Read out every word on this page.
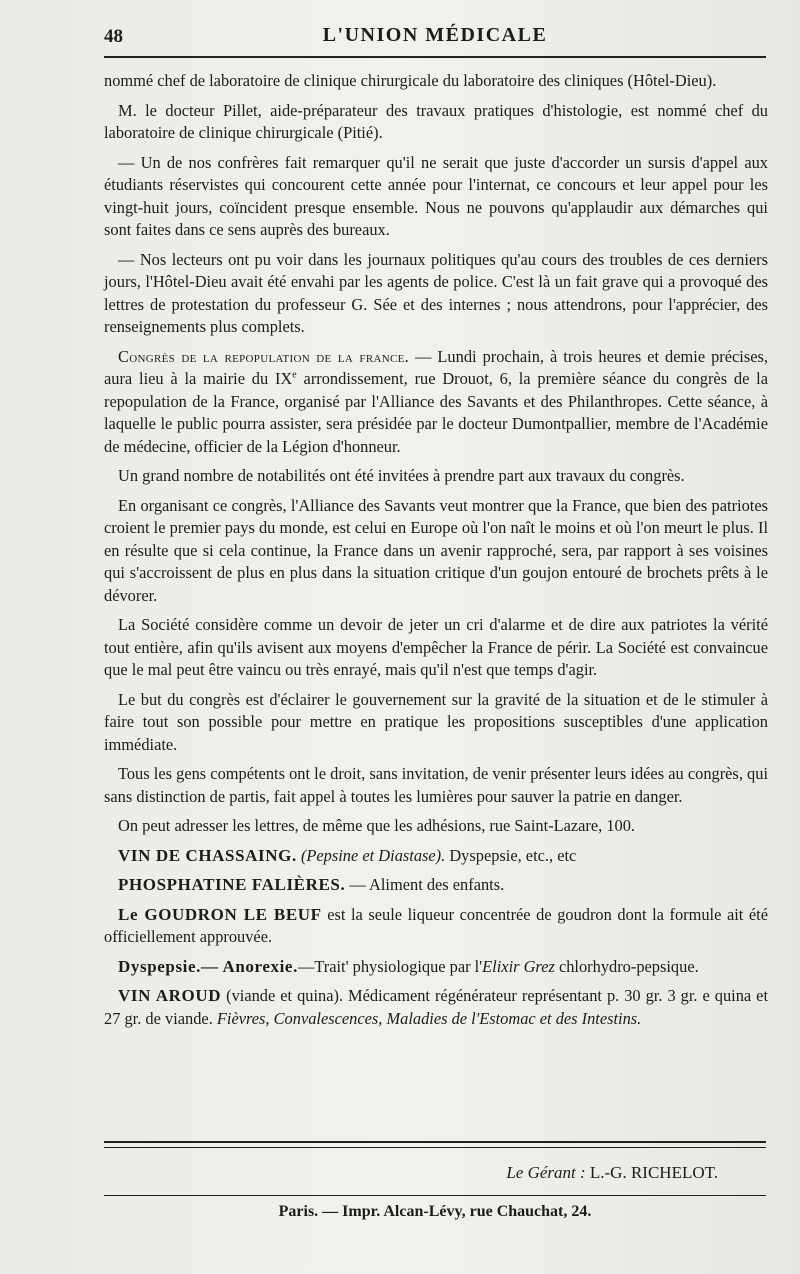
48	L'UNION MÉDICALE

nommé chef de laboratoire de clinique chirurgicale du laboratoire des cliniques (Hôtel-Dieu).

M. le docteur Pillet, aide-préparateur des travaux pratiques d'histologie, est nommé chef du laboratoire de clinique chirurgicale (Pitié).

— Un de nos confrères fait remarquer qu'il ne serait que juste d'accorder un sursis d'appel aux étudiants réservistes qui concourent cette année pour l'internat, ce concours et leur appel pour les vingt-huit jours, coïncident presque ensemble. Nous ne pouvons qu'applaudir aux démarches qui sont faites dans ce sens auprès des bureaux.

— Nos lecteurs ont pu voir dans les journaux politiques qu'au cours des troubles de ces derniers jours, l'Hôtel-Dieu avait été envahi par les agents de police. C'est là un fait grave qui a provoqué des lettres de protestation du professeur G. Sée et des internes ; nous attendrons, pour l'apprécier, des renseignements plus complets.

Congrès de la repopulation de la france. — Lundi prochain, à trois heures et demie précises, aura lieu à la mairie du IXe arrondissement, rue Drouot, 6, la première séance du congrès de la repopulation de la France, organisé par l'Alliance des Savants et des Philanthropes. Cette séance, à laquelle le public pourra assister, sera présidée par le docteur Dumontpallier, membre de l'Académie de médecine, officier de la Légion d'honneur.

Un grand nombre de notabilités ont été invitées à prendre part aux travaux du congrès.

En organisant ce congrès, l'Alliance des Savants veut montrer que la France, que bien des patriotes croient le premier pays du monde, est celui en Europe où l'on naît le moins et où l'on meurt le plus. Il en résulte que si cela continue, la France dans un avenir rapproché, sera, par rapport à ses voisines qui s'accroissent de plus en plus dans la situation critique d'un goujon entouré de brochets prêts à le dévorer.

La Société considère comme un devoir de jeter un cri d'alarme et de dire aux patriotes la vérité tout entière, afin qu'ils avisent aux moyens d'empêcher la France de périr. La Société est convaincue que le mal peut être vaincu ou très enrayé, mais qu'il n'est que temps d'agir.

Le but du congrès est d'éclairer le gouvernement sur la gravité de la situation et de le stimuler à faire tout son possible pour mettre en pratique les propositions susceptibles d'une application immédiate.

Tous les gens compétents ont le droit, sans invitation, de venir présenter leurs idées au congrès, qui sans distinction de partis, fait appel à toutes les lumières pour sauver la patrie en danger.

On peut adresser les lettres, de même que les adhésions, rue Saint-Lazare, 100.

VIN DE CHASSAING. (Pepsine et Diastase). Dyspepsie, etc., etc

PHOSPHATINE FALIÈRES. — Aliment des enfants.

Le GOUDRON LE BEUF est la seule liqueur concentrée de goudron dont la formule ait été officiellement approuvée.

Dyspepsie.— Anorexie.—Trait' physiologique par l'Elixir Grez chlorhydro-pepsique.

VIN AROUD (viande et quina). Médicament régénérateur représentant p. 30 gr. 3 gr. e quina et 27 gr. de viande. Fièvres, Convalescences, Maladies de l'Estomac et des Intestins.

Le Gérant : L.-G. RICHELOT.
Paris. — Impr. Alcan-Lévy, rue Chauchat, 24.
